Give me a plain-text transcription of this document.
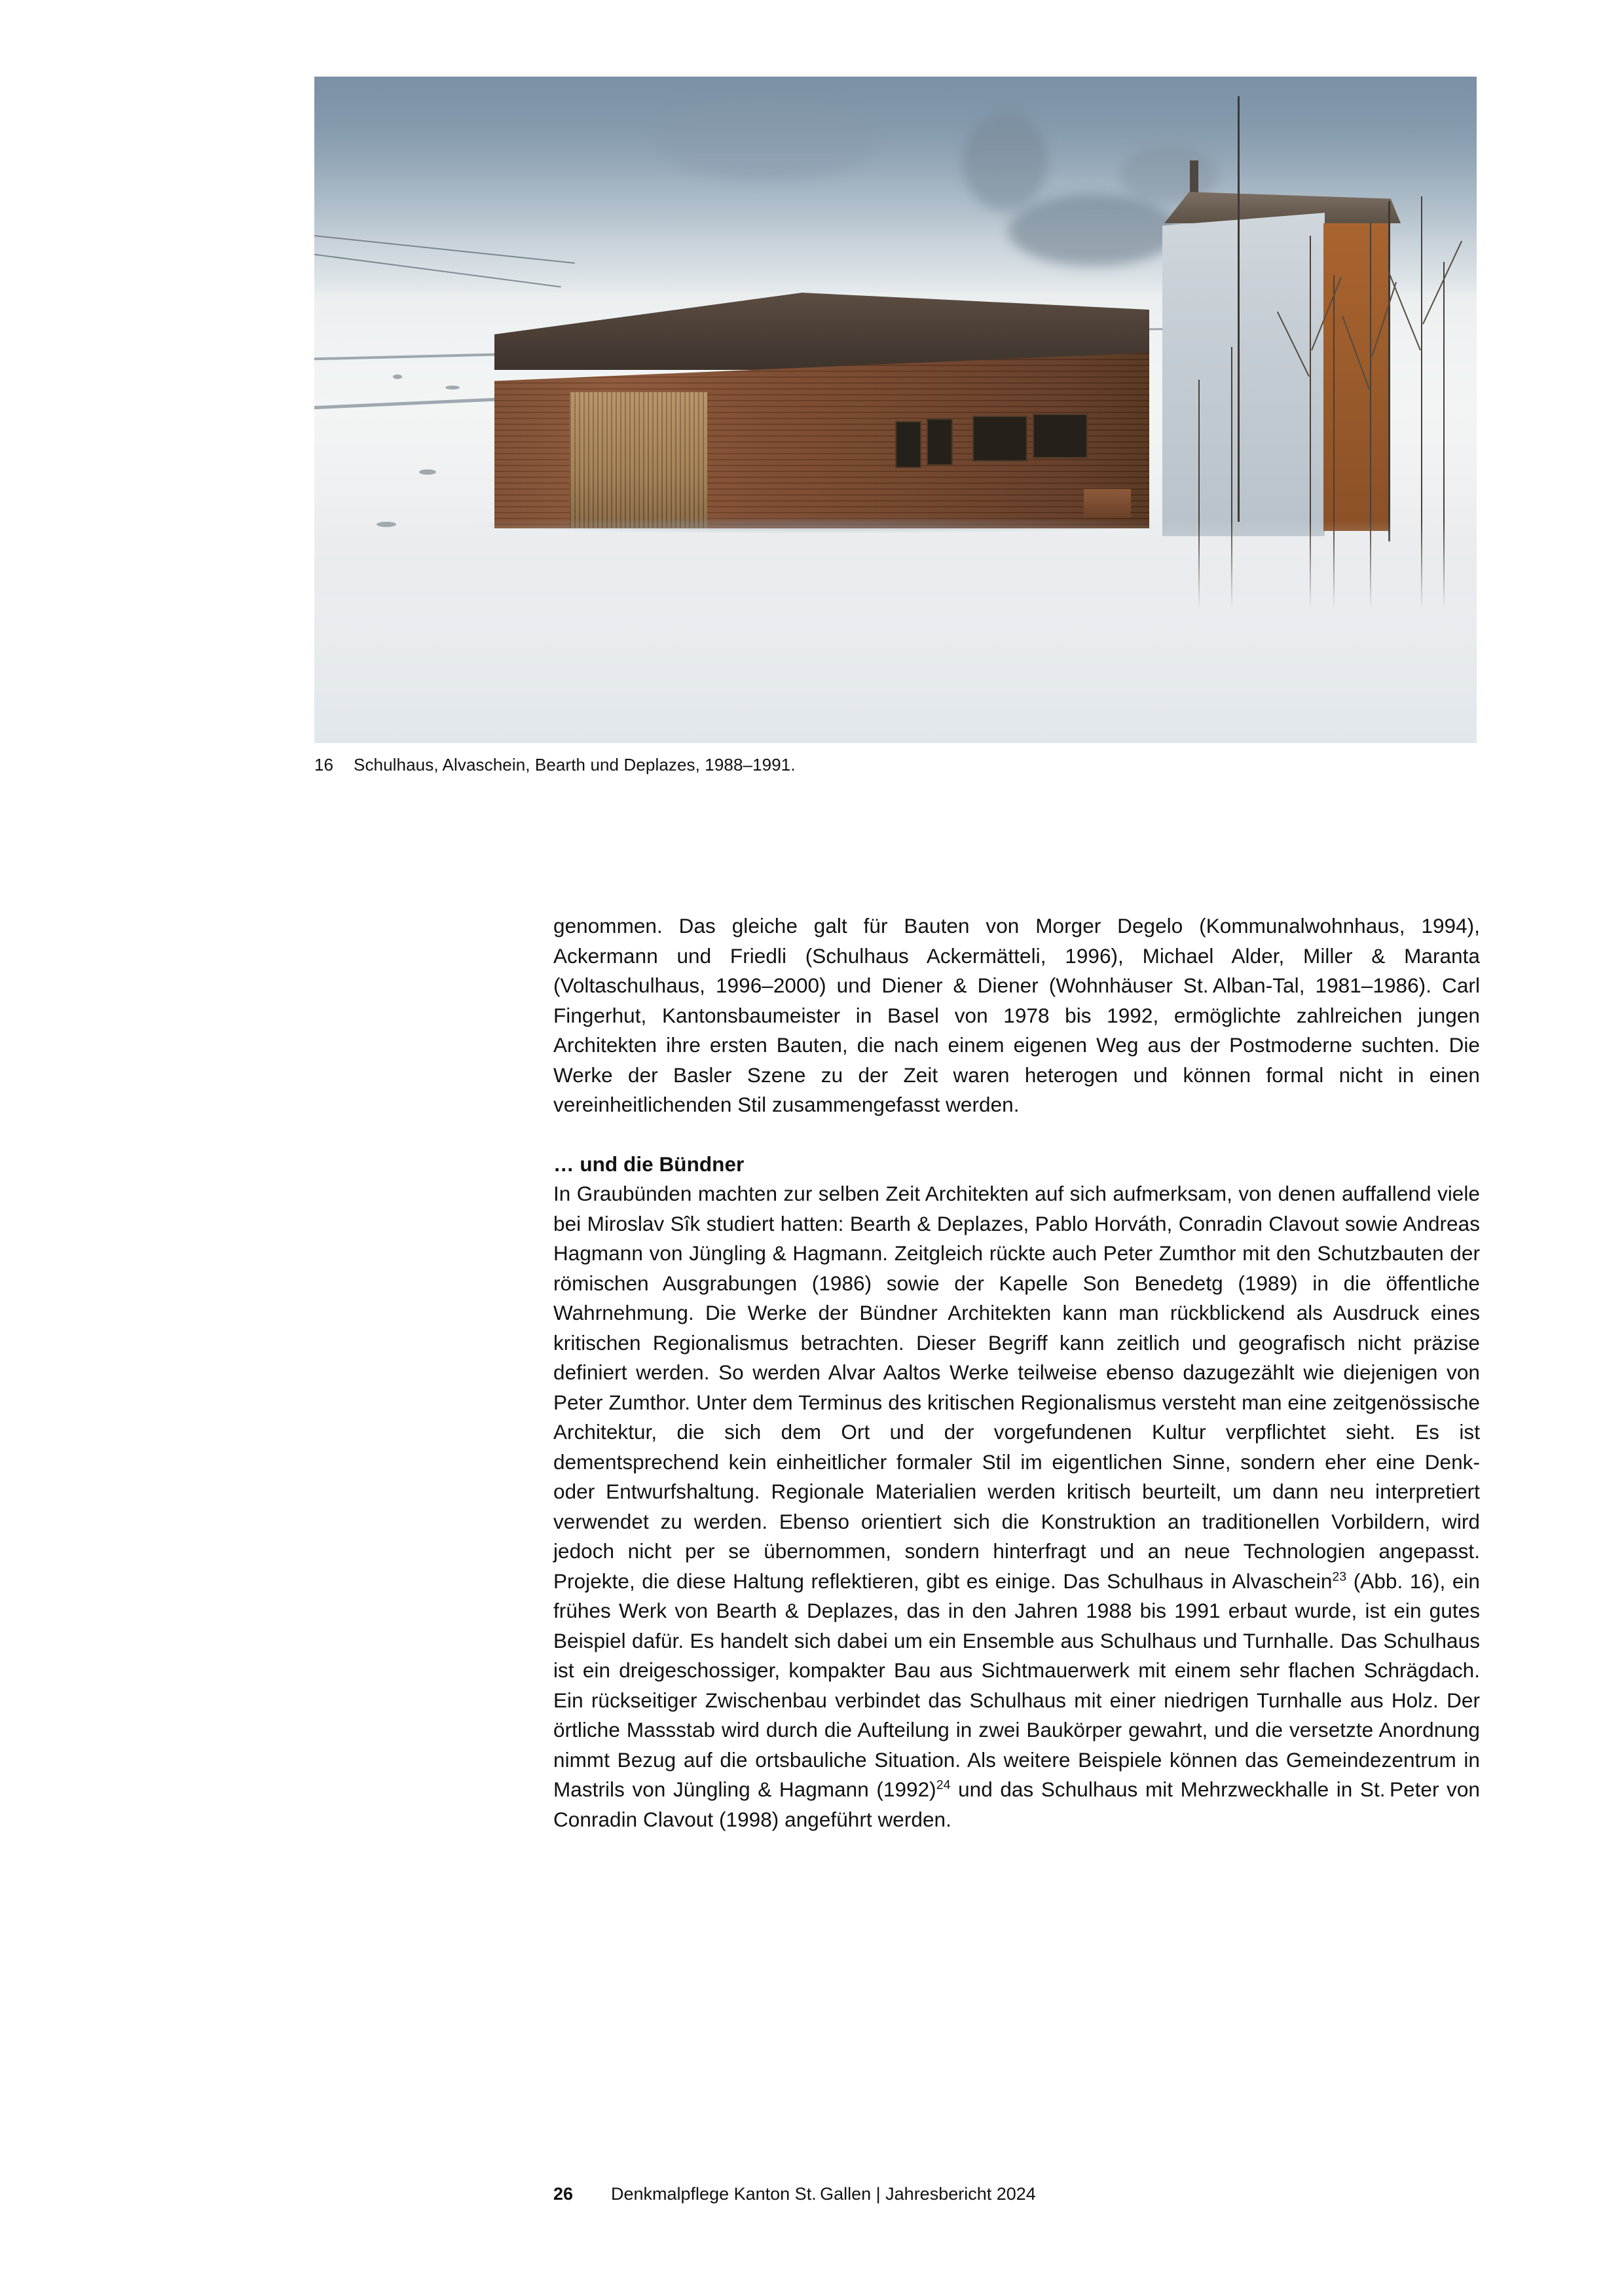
16 Schulhaus, Alvaschein, Bearth und Deplazes, 1988–1991.

genommen. Das gleiche galt für Bauten von Morger Degelo (Kommunalwohnhaus, 1994), Ackermann und Friedli (Schulhaus Ackermätteli, 1996), Michael Alder, Miller & Maranta (Voltaschulhaus, 1996–2000) und Diener & Diener (Wohnhäuser St. Alban-Tal, 1981–1986). Carl Fingerhut, Kantonsbaumeister in Basel von 1978 bis 1992, ermöglichte zahlreichen jungen Architekten ihre ersten Bauten, die nach einem eigenen Weg aus der Postmoderne suchten. Die Werke der Basler Szene zu der Zeit waren heterogen und können formal nicht in einen vereinheitlichenden Stil zusammengefasst werden.

… und die Bündner

In Graubünden machten zur selben Zeit Architekten auf sich aufmerksam, von denen auffallend viele bei Miroslav Sîk studiert hatten: Bearth & Deplazes, Pablo Horváth, Conradin Clavout sowie Andreas Hagmann von Jüngling & Hagmann. Zeitgleich rückte auch Peter Zumthor mit den Schutzbauten der römischen Ausgrabungen (1986) sowie der Kapelle Son Benedetg (1989) in die öffentliche Wahrnehmung. Die Werke der Bündner Architekten kann man rückblickend als Ausdruck eines kritischen Regionalismus betrachten. Dieser Begriff kann zeitlich und geografisch nicht präzise definiert werden. So werden Alvar Aaltos Werke teilweise ebenso dazugezählt wie diejenigen von Peter Zumthor. Unter dem Terminus des kritischen Regionalismus versteht man eine zeitgenössische Architektur, die sich dem Ort und der vorgefundenen Kultur verpflichtet sieht. Es ist dementsprechend kein einheitlicher formaler Stil im eigentlichen Sinne, sondern eher eine Denk- oder Entwurfshaltung. Regionale Materialien werden kritisch beurteilt, um dann neu interpretiert verwendet zu werden. Ebenso orientiert sich die Konstruktion an traditionellen Vorbildern, wird jedoch nicht per se übernommen, sondern hinterfragt und an neue Technologien angepasst. Projekte, die diese Haltung reflektieren, gibt es einige. Das Schulhaus in Alvaschein$^{23}$ (Abb. 16), ein frühes Werk von Bearth & Deplazes, das in den Jahren 1988 bis 1991 erbaut wurde, ist ein gutes Beispiel dafür. Es handelt sich dabei um ein Ensemble aus Schulhaus und Turnhalle. Das Schulhaus ist ein dreigeschossiger, kompakter Bau aus Sichtmauerwerk mit einem sehr flachen Schrägdach. Ein rückseitiger Zwischenbau verbindet das Schulhaus mit einer niedrigen Turnhalle aus Holz. Der örtliche Massstab wird durch die Aufteilung in zwei Baukörper gewahrt, und die versetzte Anordnung nimmt Bezug auf die ortsbauliche Situation. Als weitere Beispiele können das Gemeindezentrum in Mastrils von Jüngling & Hagmann $(1992)^{24}$ und das Schulhaus mit Mehrzweckhalle in St. Peter von Conradin Clavout (1998) angeführt werden.

26	Denkmalpflege Kanton St. Gallen | Jahresbericht 2024
